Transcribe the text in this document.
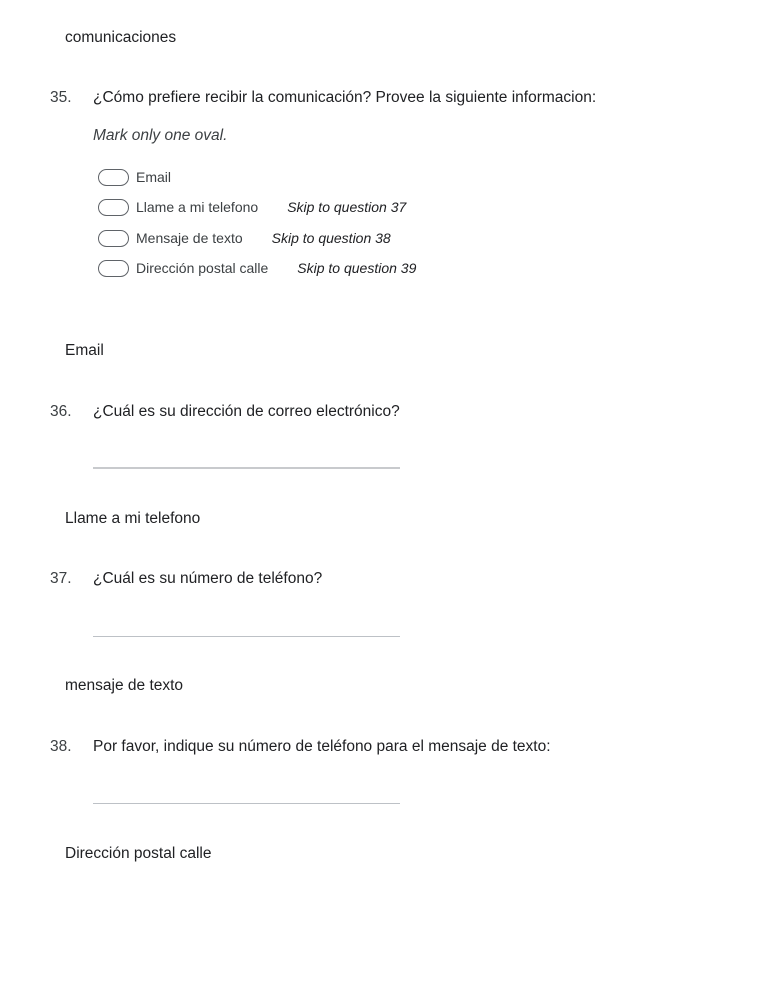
comunicaciones
35. ¿Cómo prefiere recibir la comunicación? Provee la siguiente informacion:
Mark only one oval.
Email
Llame a mi telefono Skip to question 37
Mensaje de texto Skip to question 38
Dirección postal calle Skip to question 39
Email
36. ¿Cuál es su dirección de correo electrónico?
Llame a mi telefono
37. ¿Cuál es su número de teléfono?
mensaje de texto
38. Por favor, indique su número de teléfono para el mensaje de texto:
Dirección postal calle
